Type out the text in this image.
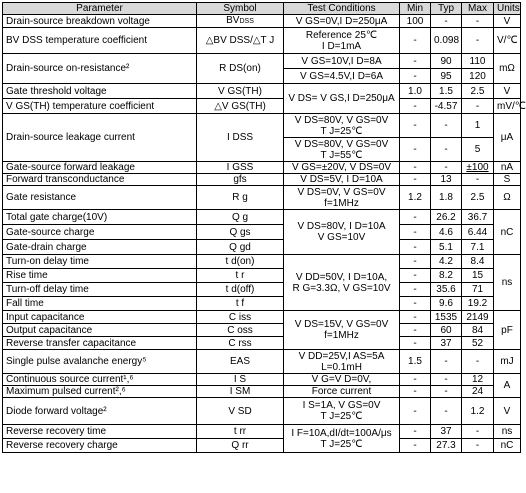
Parameter	Symbol	Test Conditions	Min	Typ	Max	Units
Drain-source breakdown voltage	BVDSS	V GS=0V,I D=250μA	100	-	-	V
BV DSS temperature coefficient	△BV DSS/△T J	Reference 25℃
I D=1mA	-	0.098	-	V/℃
Drain-source on-resistance²	R DS(on)	V GS=10V,I D=8A	-	90	110	mΩ
		V GS=4.5V,I D=6A	-	95	120	
Gate threshold voltage	V GS(TH)	V DS= V GS,I D=250μA	1.0	1.5	2.5	V
V GS(TH) temperature coefficient	△V GS(TH)		-	-4.57	-	mV/℃
Drain-source leakage current	I DSS	V DS=80V, V GS=0V
T J=25℃	-	-	1	μA

		V DS=80V, V GS=0V
T J=55℃	-	-	5	
Gate-source forward leakage	I GSS	V GS=±20V, V DS=0V	-	-	±100	nA
Forward transconductance	gfs	V DS=5V, I D=10A	-	13	-	S
Gate resistance	R g	V DS=0V, V GS=0V
f=1MHz	1.2	1.8	2.5	Ω
Total gate charge(10V)	Q g	V DS=80V, I D=10A
V GS=10V	-	26.2	36.7	nC
Gate-source charge	Q gs		-	4.6	6.44	
Gate-drain charge	Q gd		-	5.1	7.1	
Turn-on delay time	t d(on)	V DD=50V, I D=10A,
R G=3.3Ω, V GS=10V	-	4.2	8.4	ns
Rise time	t r		-	8.2	15	
Turn-off delay time	t d(off)		-	35.6	71	
Fall time	t f		-	9.6	19.2	
Input capacitance	C iss	V DS=15V, V GS=0V
f=1MHz	-	1535	2149	pF
Output capacitance	C oss		-	60	84	
Reverse transfer capacitance	C rss		-	37	52	
Single pulse avalanche energy⁵	EAS	V DD=25V,I AS=5A
L=0.1mH	1.5	-	-	mJ
Continuous source current¹,⁶	I S	V G=V D=0V,	-	-	12	A
Maximum pulsed current²,⁶	I SM	Force current	-	-	24	
Diode forward voltage²	V SD	I S=1A, V GS=0V
T J=25℃	-	-	1.2	V
Reverse recovery time	t rr	I F=10A,dI/dt=100A/μs
T J=25℃	-	37	-	ns
Reverse recovery charge	Q rr		-	27.3	-	nC
